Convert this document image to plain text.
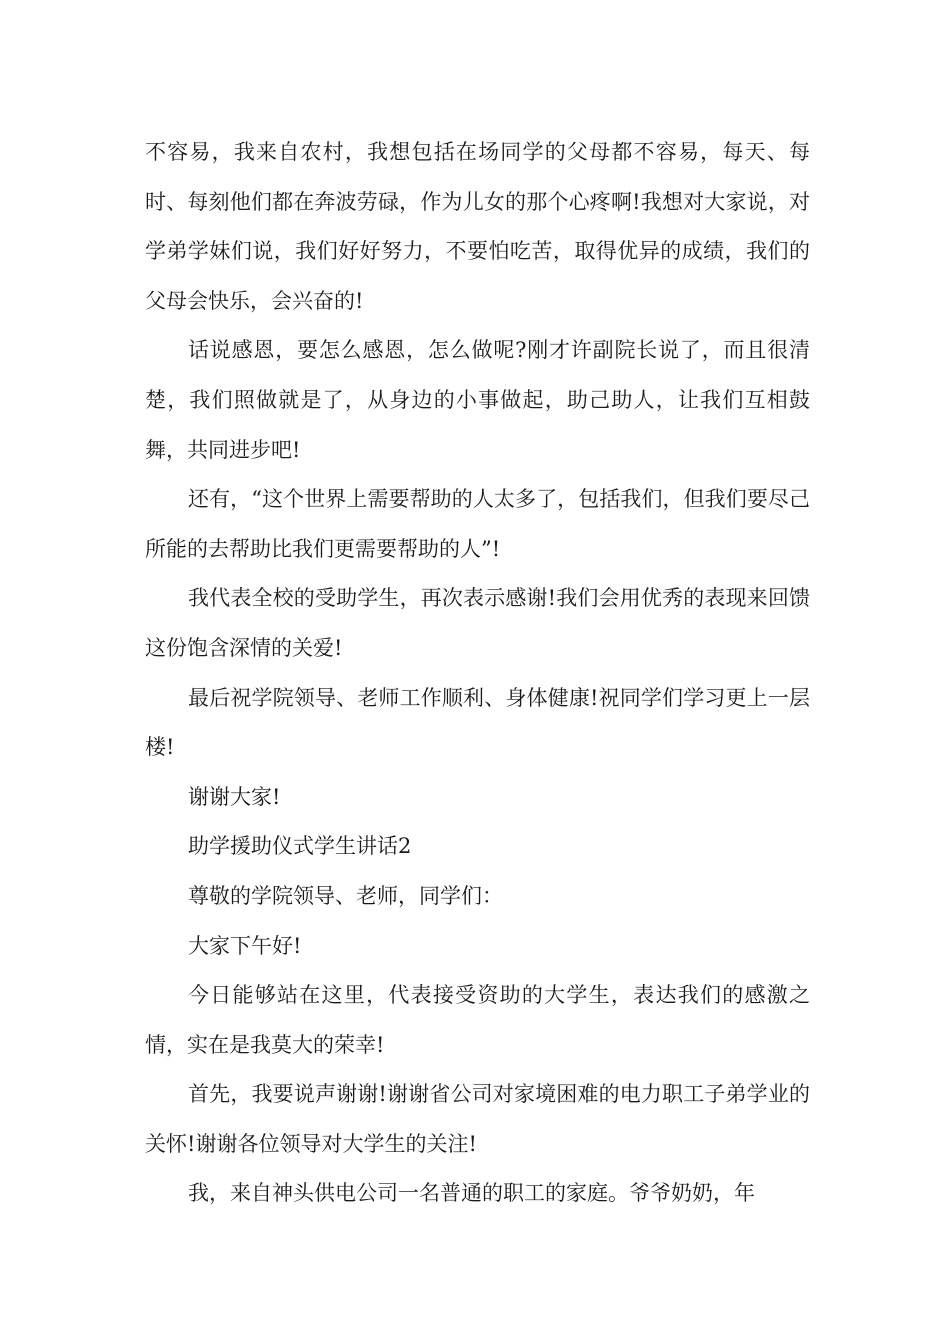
不容易，我来自农村，我想包括在场同学的父母都不容易，每天、每时、每刻他们都在奔波劳碌，作为儿女的那个心疼啊!我想对大家说，对学弟学妹们说，我们好好努力，不要怕吃苦，取得优异的成绩，我们的父母会快乐，会兴奋的!

话说感恩，要怎么感恩，怎么做呢?刚才许副院长说了，而且很清楚，我们照做就是了，从身边的小事做起，助己助人，让我们互相鼓舞，共同进步吧!

还有，“这个世界上需要帮助的人太多了，包括我们，但我们要尽己所能的去帮助比我们更需要帮助的人”!

我代表全校的受助学生，再次表示感谢!我们会用优秀的表现来回馈这份饱含深情的关爱!

最后祝学院领导、老师工作顺利、身体健康!祝同学们学习更上一层楼!

谢谢大家!

助学援助仪式学生讲话2

尊敬的学院领导、老师，同学们：

大家下午好!

今日能够站在这里，代表接受资助的大学生，表达我们的感激之情，实在是我莫大的荣幸!

首先，我要说声谢谢!谢谢省公司对家境困难的电力职工子弟学业的关怀!谢谢各位领导对大学生的关注!

我，来自神头供电公司一名普通的职工的家庭。爷爷奶奶，年
